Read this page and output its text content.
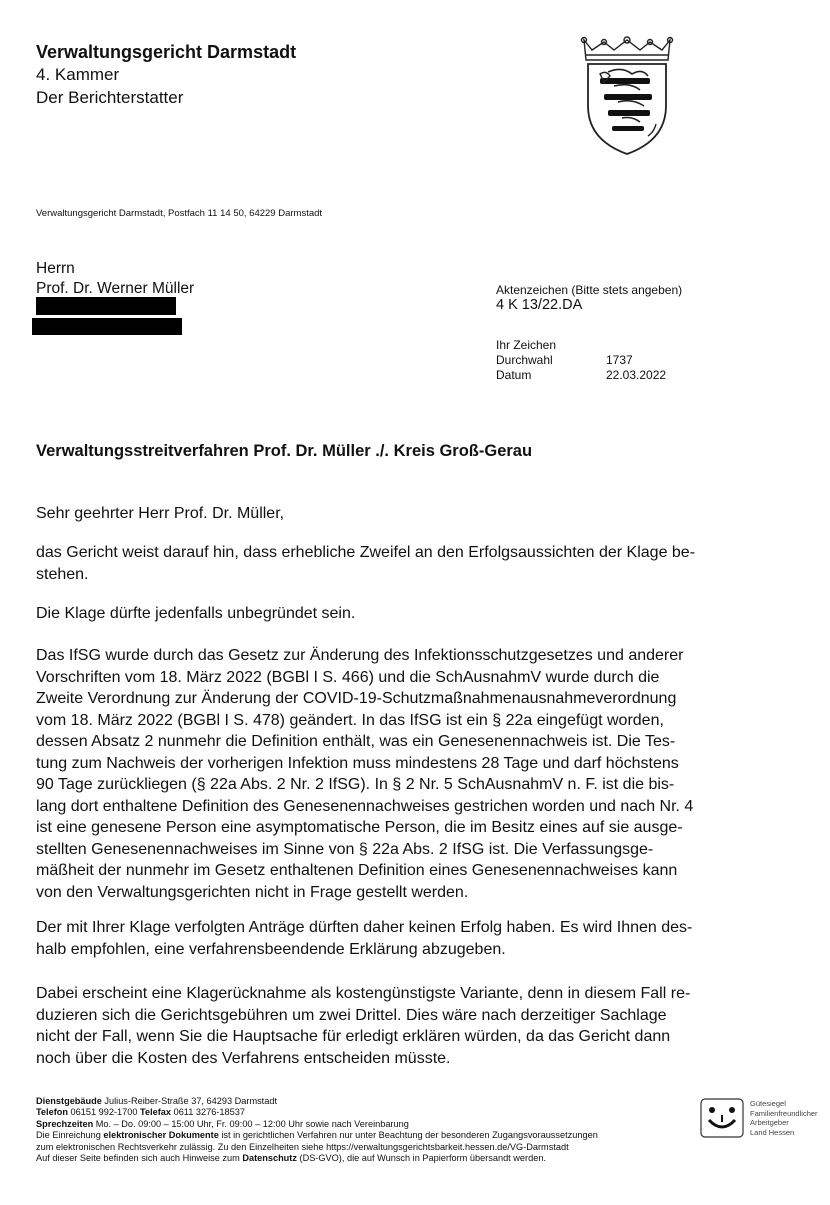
Verwaltungsgericht Darmstadt
4. Kammer
Der Berichterstatter
Verwaltungsgericht Darmstadt, Postfach 11 14 50, 64229 Darmstadt
Herrn
Prof. Dr. Werner Müller	Aktenzeichen (Bitte stets angeben)
4 K 13/22.DA
Ihr Zeichen
Durchwahl	1737
Datum	22.03.2022
Verwaltungsstreitverfahren Prof. Dr. Müller ./. Kreis Groß-Gerau
Sehr geehrter Herr Prof. Dr. Müller,
das Gericht weist darauf hin, dass erhebliche Zweifel an den Erfolgsaussichten der Klage be-
stehen.
Die Klage dürfte jedenfalls unbegründet sein.
Das IfSG wurde durch das Gesetz zur Änderung des Infektionsschutzgesetzes und anderer
Vorschriften vom 18. März 2022 (BGBl I S. 466) und die SchAusnahmV wurde durch die
Zweite Verordnung zur Änderung der COVID-19-Schutzmaßnahmenausnahmeverordnung
vom 18. März 2022 (BGBl I S. 478) geändert. In das IfSG ist ein § 22a eingefügt worden,
dessen Absatz 2 nunmehr die Definition enthält, was ein Genesenennachweis ist. Die Tes-
tung zum Nachweis der vorherigen Infektion muss mindestens 28 Tage und darf höchstens
90 Tage zurückliegen (§ 22a Abs. 2 Nr. 2 IfSG). In § 2 Nr. 5 SchAusnahmV n. F. ist die bis-
lang dort enthaltene Definition des Genesenennachweises gestrichen worden und nach Nr. 4
ist eine genesene Person eine asymptomatische Person, die im Besitz eines auf sie ausge-
stellten Genesenennachweises im Sinne von § 22a Abs. 2 IfSG ist. Die Verfassungsge-
mäßheit der nunmehr im Gesetz enthaltenen Definition eines Genesenennachweises kann
von den Verwaltungsgerichten nicht in Frage gestellt werden.
Der mit Ihrer Klage verfolgten Anträge dürften daher keinen Erfolg haben. Es wird Ihnen des-
halb empfohlen, eine verfahrensbeendende Erklärung abzugeben.
Dabei erscheint eine Klagerücknahme als kostengünstigste Variante, denn in diesem Fall re-
duzieren sich die Gerichtsgebühren um zwei Drittel. Dies wäre nach derzeitiger Sachlage
nicht der Fall, wenn Sie die Hauptsache für erledigt erklären würden, da das Gericht dann
noch über die Kosten des Verfahrens entscheiden müsste.
Dienstgebäude Julius-Reiber-Straße 37, 64293 Darmstadt
Telefon 06151 992-1700 Telefax 0611 3276-18537
Sprechzeiten Mo. – Do. 09:00 – 15:00 Uhr, Fr. 09:00 – 12:00 Uhr sowie nach Vereinbarung
Die Einreichung elektronischer Dokumente ist in gerichtlichen Verfahren nur unter Beachtung der besonderen Zugangsvoraussetzungen
zum elektronischen Rechtsverkehr zulässig. Zu den Einzelheiten siehe https://verwaltungsgerichtsbarkeit.hessen.de/VG-Darmstadt
Auf dieser Seite befinden sich auch Hinweise zum Datenschutz (DS-GVO), die auf Wunsch in Papierform übersandt werden.
Gütesiegel
Familienfreundlicher
Arbeitgeber
Land Hessen
